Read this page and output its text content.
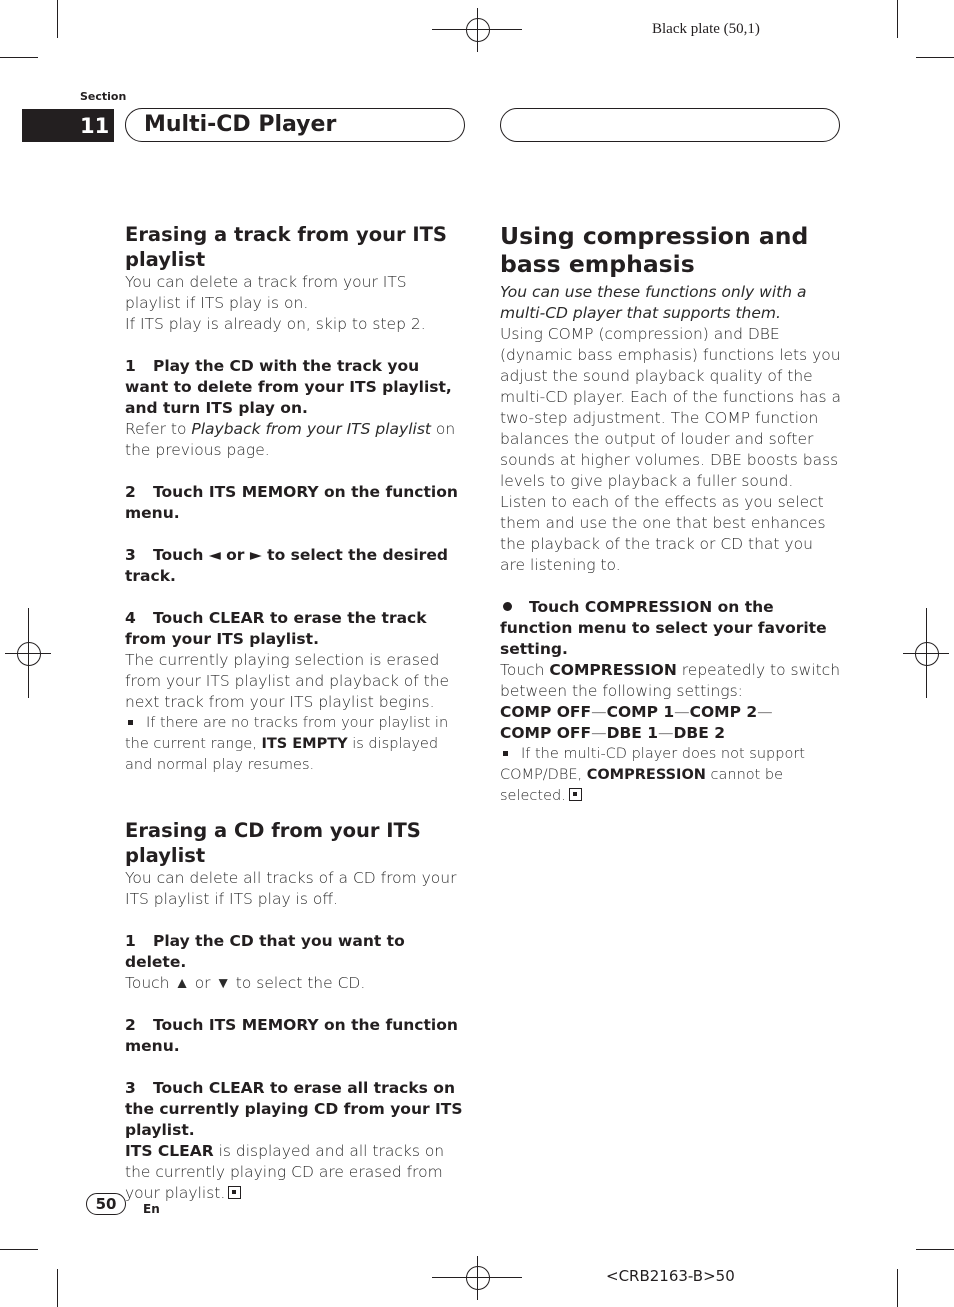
Black plate (50,1)
Section
11	Multi-CD Player
Erasing a track from your ITS playlist

You can delete a track from your ITS playlist if ITS play is on.

If ITS play is already on, skip to step 2.

1 Play the CD with the track you want to delete from your ITS playlist, and turn ITS play on.

Refer to Playback from your ITS playlist on the previous page.

2 Touch ITS MEMORY on the function menu.
3 Touch ◄ or ► to select the desired track.
4 Touch CLEAR to erase the track from your ITS playlist.

The currently playing selection is erased from your ITS playlist and playback of the next track from your ITS playlist begins.

If there are no tracks from your playlist in the current range, ITS EMPTY is displayed and normal play resumes.

Erasing a CD from your ITS playlist

You can delete all tracks of a CD from your ITS playlist if ITS play is off.

1 Play the CD that you want to delete.

Touch ▲ or ▼ to select the CD.

2 Touch ITS MEMORY on the function menu.
3 Touch CLEAR to erase all tracks on the currently playing CD from your ITS playlist.

ITS CLEAR is displayed and all tracks on the currently playing CD are erased from your playlist.

Using compression and bass emphasis

You can use these functions only with a multi-CD player that supports them.

Using COMP (compression) and DBE (dynamic bass emphasis) functions lets you adjust the sound playback quality of the multi-CD player. Each of the functions has a two-step adjustment. The COMP function balances the output of louder and softer sounds at higher volumes. DBE boosts bass levels to give playback a fuller sound. Listen to each of the effects as you select them and use the one that best enhances the playback of the track or CD that you are listening to.

Touch COMPRESSION on the function menu to select your favorite setting.

Touch COMPRESSION repeatedly to switch between the following settings:

COMP OFF—COMP 1—COMP 2—
COMP OFF—DBE 1—DBE 2

If the multi-CD player does not support COMP/DBE, COMPRESSION cannot be selected.

50	En
<CRB2163-B>50
